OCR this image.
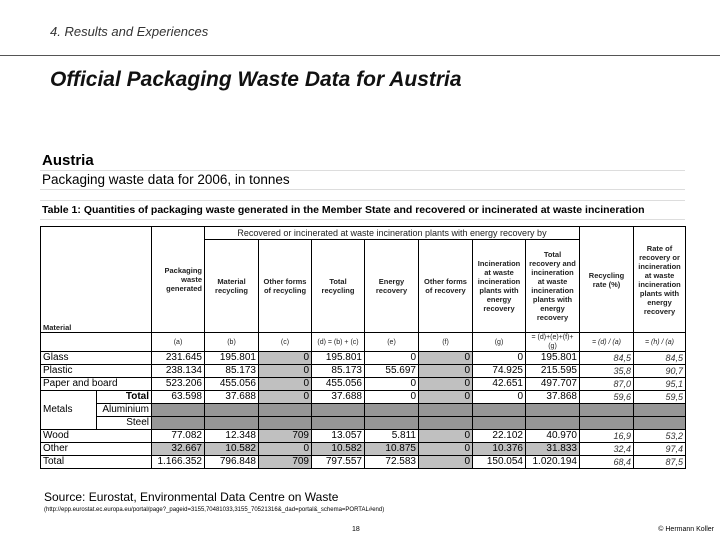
4. Results and Experiences
Official Packaging Waste Data for Austria
Austria
Packaging waste data for 2006, in tonnes
Table 1: Quantities of packaging waste generated in the Member State and recovered or incinerated at waste incineration
Material		Packaging waste generated	Recovered or incinerated at waste incineration plants with energy recovery by							Recycling rate (%)	Rate of recovery or incineration at waste incineration plants with energy recovery
			Material recycling	Other forms of recycling	Total recycling	Energy recovery	Other forms of recovery	Incineration at waste incineration plants with energy recovery	Total recovery and incineration at waste incineration plants with energy recovery		
		(a)	(b)	(c)	(d) = (b) + (c)	(e)	(f)	(g)	= (d)+(e)+(f)+(g)	= (d) / (a)	= (h) / (a)
Glass		231.645	195.801	0	195.801	0	0	0	195.801	84,5	84,5
Plastic		238.134	85.173	0	85.173	55.697	0	74.925	215.595	35,8	90,7
Paper and board		523.206	455.056	0	455.056	0	0	42.651	497.707	87,0	95,1
Metals	Total	63.598	37.688	0	37.688	0	0	0	37.868	59,6	59,5
	Aluminium										
	Steel										
Wood		77.082	12.348	709	13.057	5.811	0	22.102	40.970	16,9	53,2
Other		32.667	10.582	0	10.582	10.875	0	10.376	31.833	32,4	97,4
Total		1.166.352	796.848	709	797.557	72.583	0	150.054	1.020.194	68,4	87,5
Source: Eurostat, Environmental Data Centre on Waste
(http://epp.eurostat.ec.europa.eu/portal/page?_pageid=3155,70481033,3155_70521316&_dad=portal&_schema=PORTAL#end)
18	© Hermann Koller
